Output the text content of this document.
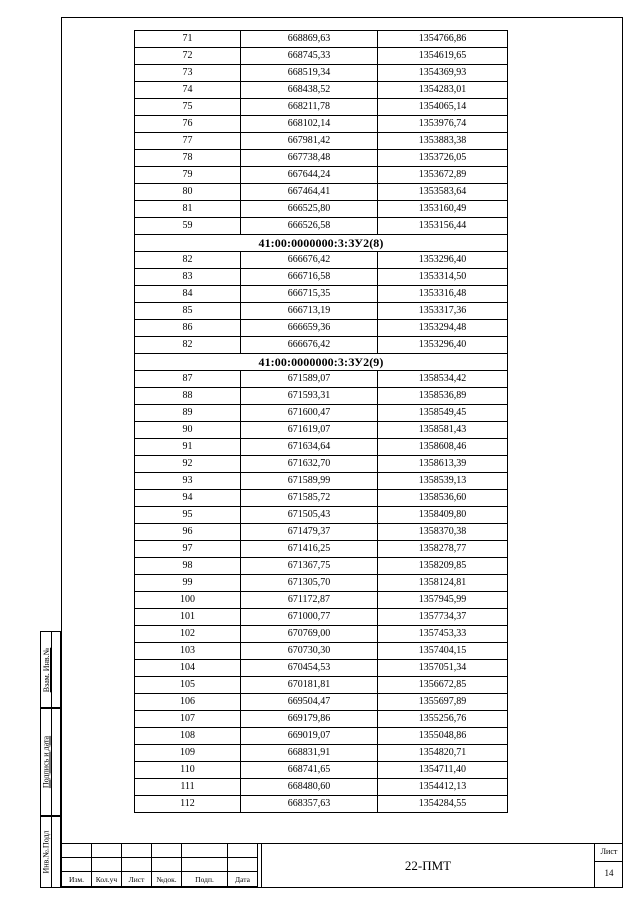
Взам. Инв.№
Подпись и дата
Инв.№.Подл
71	668869,63	1354766,86
72	668745,33	1354619,65
73	668519,34	1354369,93
74	668438,52	1354283,01
75	668211,78	1354065,14
76	668102,14	1353976,74
77	667981,42	1353883,38
78	667738,48	1353726,05
79	667644,24	1353672,89
80	667464,41	1353583,64
81	666525,80	1353160,49
59	666526,58	1353156,44
41:00:0000000:3:ЗУ2(8)		
82	666676,42	1353296,40
83	666716,58	1353314,50
84	666715,35	1353316,48
85	666713,19	1353317,36
86	666659,36	1353294,48
82	666676,42	1353296,40
41:00:0000000:3:ЗУ2(9)		
87	671589,07	1358534,42
88	671593,31	1358536,89
89	671600,47	1358549,45
90	671619,07	1358581,43
91	671634,64	1358608,46
92	671632,70	1358613,39
93	671589,99	1358539,13
94	671585,72	1358536,60
95	671505,43	1358409,80
96	671479,37	1358370,38
97	671416,25	1358278,77
98	671367,75	1358209,85
99	671305,70	1358124,81
100	671172,87	1357945,99
101	671000,77	1357734,37
102	670769,00	1357453,33
103	670730,30	1357404,15
104	670454,53	1357051,34
105	670181,81	1356672,85
106	669504,47	1355697,89
107	669179,86	1355256,76
108	669019,07	1355048,86
109	668831,91	1354820,71
110	668741,65	1354711,40
111	668480,60	1354412,13
112	668357,63	1354284,55

Изм.	Кол.уч	Лист	№док.	Подп.	Дата
22-ПМТ
Лист
14
